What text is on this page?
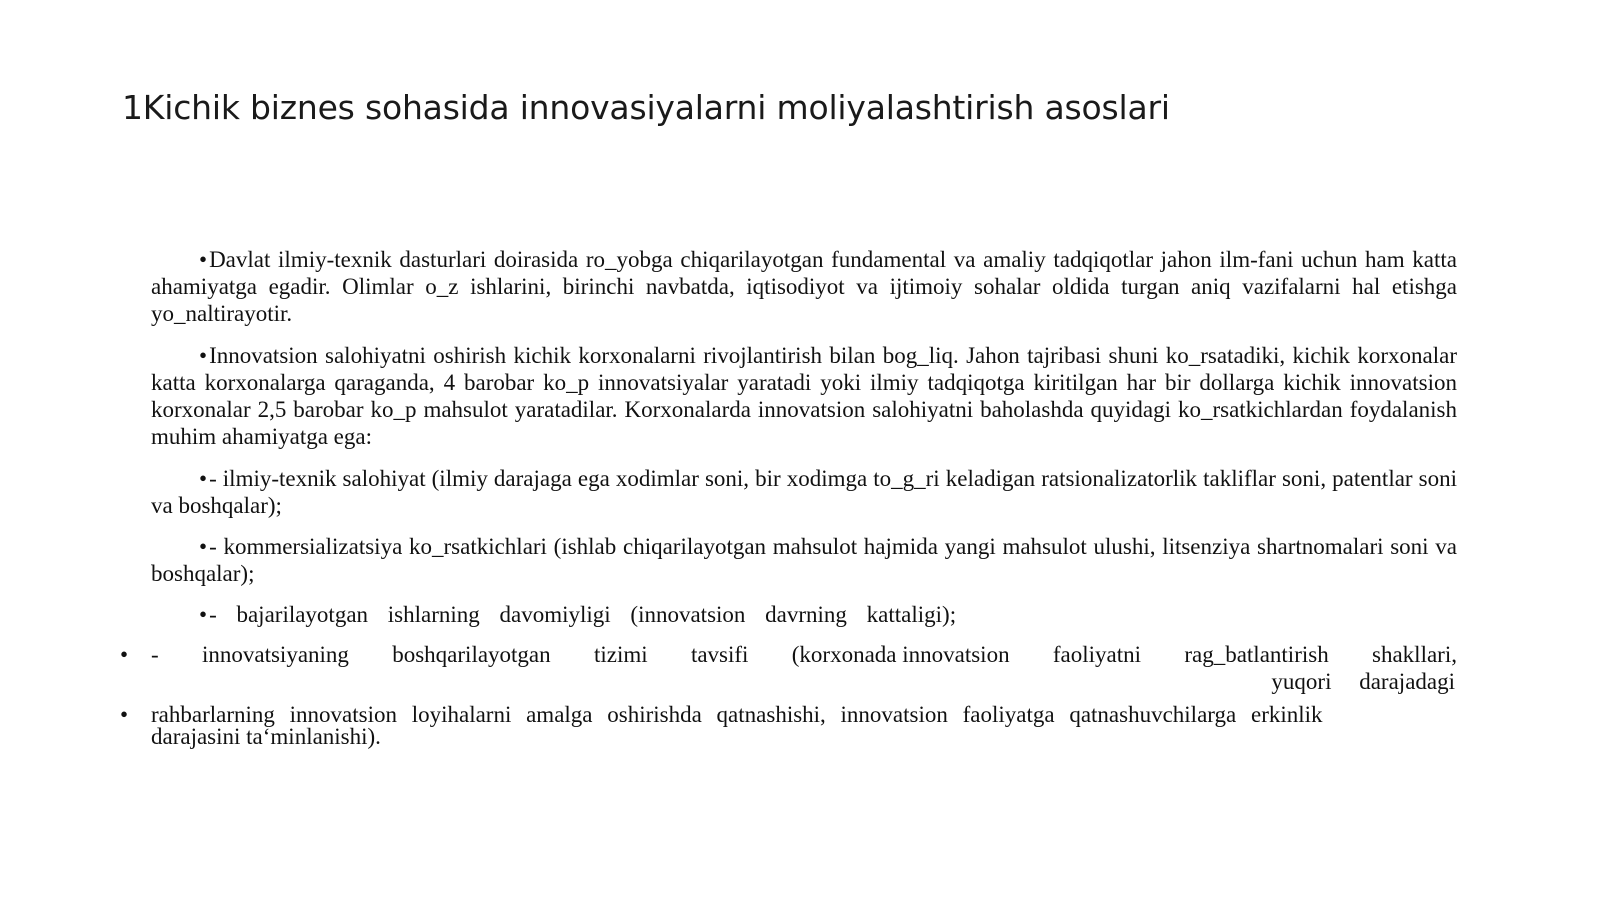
1Kichik biznes sohasida innovasiyalarni moliyalashtirish asoslari
•Davlat ilmiy-texnik dasturlari doirasida ro_yobga chiqarilayotgan fundamental va amaliy tadqiqotlar jahon ilm-fani uchun ham katta ahamiyatga egadir. Olimlar o_z ishlarini, birinchi navbatda, iqtisodiyot va ijtimoiy sohalar oldida turgan aniq vazifalarni hal etishga yo_naltirayotir.
•Innovatsion salohiyatni oshirish kichik korxonalarni rivojlantirish bilan bog_liq. Jahon tajribasi shuni ko_rsatadiki, kichik korxonalar katta korxonalarga qaraganda, 4 barobar ko_p innovatsiyalar yaratadi yoki ilmiy tadqiqotga kiritilgan har bir dollarga kichik innovatsion korxonalar 2,5 barobar ko_p mahsulot yaratadilar. Korxonalarda innovatsion salohiyatni baholashda quyidagi ko_rsatkichlardan foydalanish muhim ahamiyatga ega:
•- ilmiy-texnik salohiyat (ilmiy darajaga ega xodimlar soni, bir xodimga to_g_ri keladigan ratsionalizatorlik takliflar soni, patentlar soni va boshqalar);
•- kommersializatsiya ko_rsatkichlari (ishlab chiqarilayotgan mahsulot hajmida yangi mahsulot ulushi, litsenziya shartnomalari soni va boshqalar);
•- bajarilayotgan ishlarning davomiyligi (innovatsion davrning kattaligi);
• - innovatsiyaning boshqarilayotgan tizimi tavsifi (korxonada innovatsion faoliyatni rag_batlantirish shakllari,
yuqori darajadagi
• rahbarlarning innovatsion loyihalarni amalga oshirishda qatnashishi, innovatsion faoliyatga qatnashuvchilarga erkinlik
darajasini ta‘minlanishi).
